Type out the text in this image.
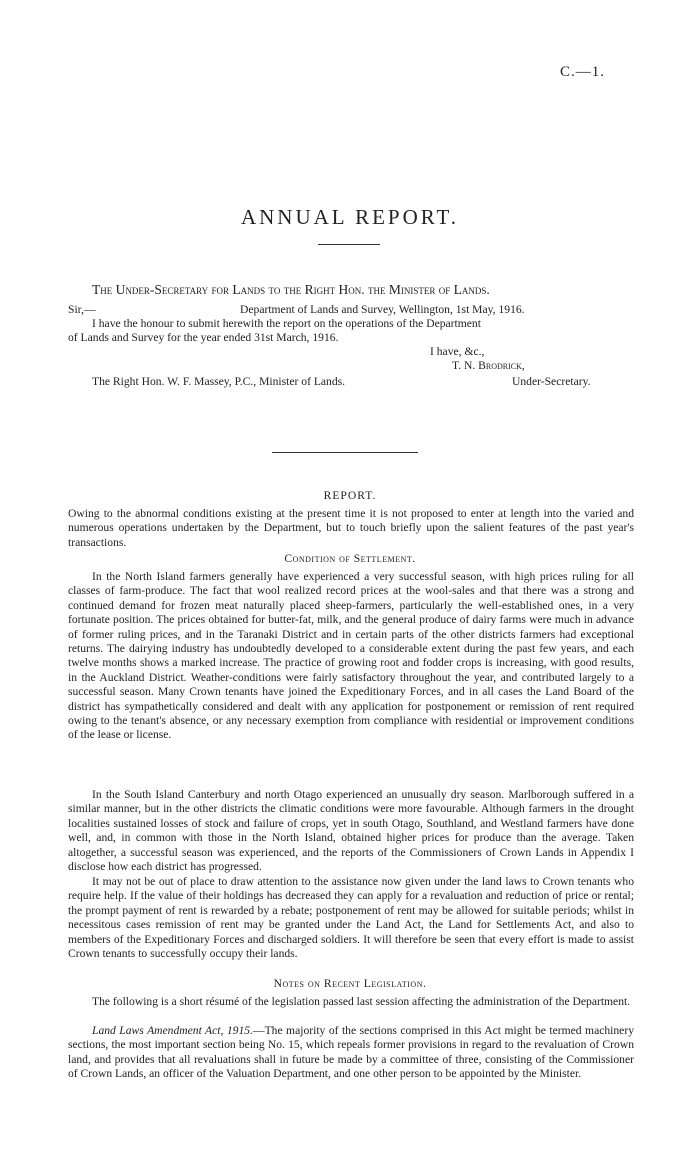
C.—1.
ANNUAL REPORT.
The Under-Secretary for Lands to the Right Hon. the Minister of Lands.
Sir,—	Department of Lands and Survey, Wellington, 1st May, 1916.
I have the honour to submit herewith the report on the operations of the Department
of Lands and Survey for the year ended 31st March, 1916.
I have, &c.,
T. N. Brodrick,
The Right Hon. W. F. Massey, P.C., Minister of Lands.	Under-Secretary.
REPORT.
Owing to the abnormal conditions existing at the present time it is not proposed to enter at length into the varied and numerous operations undertaken by the Department, but to touch briefly upon the salient features of the past year's transactions.
Condition of Settlement.
In the North Island farmers generally have experienced a very successful season, with high prices ruling for all classes of farm-produce. The fact that wool realized record prices at the wool-sales and that there was a strong and continued demand for frozen meat naturally placed sheep-farmers, particularly the well-established ones, in a very fortunate position. The prices obtained for butter-fat, milk, and the general produce of dairy farms were much in advance of former ruling prices, and in the Taranaki District and in certain parts of the other districts farmers had exceptional returns. The dairying industry has undoubtedly developed to a considerable extent during the past few years, and each twelve months shows a marked increase. The practice of growing root and fodder crops is increasing, with good results, in the Auckland District. Weather-conditions were fairly satisfactory throughout the year, and contributed largely to a successful season. Many Crown tenants have joined the Expeditionary Forces, and in all cases the Land Board of the district has sympathetically considered and dealt with any application for postponement or remission of rent required owing to the tenant's absence, or any necessary exemption from compliance with residential or improvement conditions of the lease or license.
In the South Island Canterbury and north Otago experienced an unusually dry season. Marlborough suffered in a similar manner, but in the other districts the climatic conditions were more favourable. Although farmers in the drought localities sustained losses of stock and failure of crops, yet in south Otago, Southland, and Westland farmers have done well, and, in common with those in the North Island, obtained higher prices for produce than the average. Taken altogether, a successful season was experienced, and the reports of the Commissioners of Crown Lands in Appendix I disclose how each district has progressed.
It may not be out of place to draw attention to the assistance now given under the land laws to Crown tenants who require help. If the value of their holdings has decreased they can apply for a revaluation and reduction of price or rental; the prompt payment of rent is rewarded by a rebate; postponement of rent may be allowed for suitable periods; whilst in necessitous cases remission of rent may be granted under the Land Act, the Land for Settlements Act, and also to members of the Expeditionary Forces and discharged soldiers. It will therefore be seen that every effort is made to assist Crown tenants to successfully occupy their lands.
Notes on Recent Legislation.
The following is a short résumé of the legislation passed last session affecting the administration of the Department.
Land Laws Amendment Act, 1915.—The majority of the sections comprised in this Act might be termed machinery sections, the most important section being No. 15, which repeals former provisions in regard to the revaluation of Crown land, and provides that all revaluations shall in future be made by a committee of three, consisting of the Commissioner of Crown Lands, an officer of the Valuation Department, and one other person to be appointed by the Minister.
